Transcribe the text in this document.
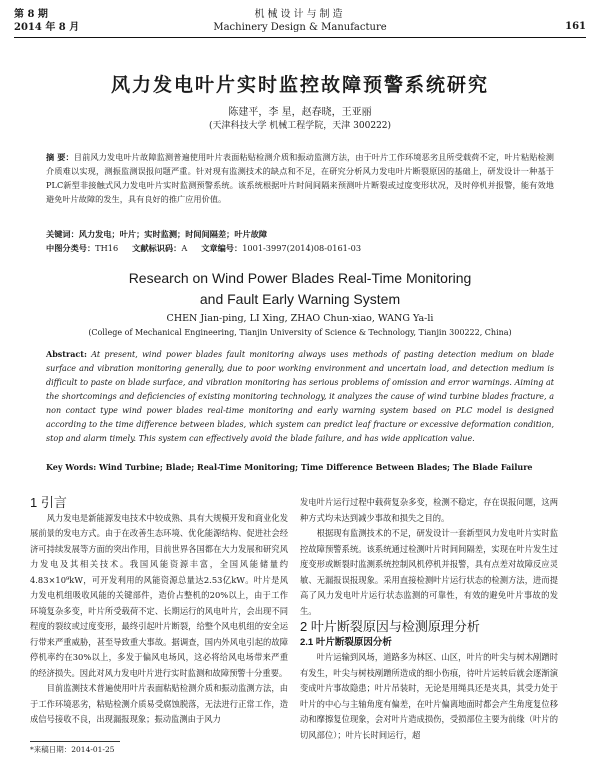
第 8 期
2014 年 8 月
机械设计与制造
Machinery Design & Manufacture	161
风力发电叶片实时监控故障预警系统研究
陈建平，李 星，赵春晓，王亚丽
(天津科技大学 机械工程学院，天津 300222)
摘 要：目前风力发电叶片故障监测普遍使用叶片表面粘贴检测介质和振动监测方法，由于叶片工作环境恶劣且所受载荷不定，叶片粘贴检测介质难以实现，测振监测误报问题严重。针对现有监测技术的缺点和不足，在研究分析风力发电叶片断裂原因的基础上，研发设计一种基于PLC新型非接触式风力发电叶片实时监测预警系统。该系统根据叶片时间间隔来预测叶片断裂或过度变形状况，及时停机并报警，能有效地避免叶片故障的发生，具有良好的推广应用价值。
关键词：风力发电；叶片；实时监测；时间间隔差；叶片故障
中图分类号：TH16 文献标识码：A 文章编号：1001-3997(2014)08-0161-03
Research on Wind Power Blades Real-Time Monitoring
and Fault Early Warning System
CHEN Jian-ping, LI Xing, ZHAO Chun-xiao, WANG Ya-li
(College of Mechanical Engineering, Tianjin University of Science & Technology, Tianjin 300222, China)
Abstract: At present, wind power blades fault monitoring always uses methods of pasting detection medium on blade surface and vibration monitoring generally, due to poor working environment and uncertain load, and detection medium is difficult to paste on blade surface, and vibration monitoring has serious problems of omission and error warnings. Aiming at the shortcomings and deficiencies of existing monitoring technology, it analyzes the cause of wind turbine blades fracture, a non contact type wind power blades real-time monitoring and early warning system based on PLC model is designed according to the time difference between blades, which system can predict leaf fracture or excessive deformation condition, stop and alarm timely. This system can effectively avoid the blade failure, and has wide application value.
Key Words: Wind Turbine; Blade; Real-Time Monitoring; Time Difference Between Blades; The Blade Failure

1 引言

风力发电是新能源发电技术中较成熟、具有大规模开发和商业化发展前景的发电方式。由于在改善生态环境、优化能源结构、促进社会经济可持续发展等方面的突出作用，目前世界各国都在大力发展和研究风力发电及其相关技术。我国风能资源丰富，全国风能储量约4.83×10⁹kW，可开发利用的风能资源总量达2.53亿kW。叶片是风力发电机组吸收风能的关键部件，造价占整机的20%以上，由于工作环境复杂多变，叶片所受载荷不定、长期运行的风电叶片，会出现不同程度的裂纹或过度变形，最终引起叶片断裂，给整个风电机组的安全运行带来严重威胁，甚至导致重大事故。据调查，国内外风电引起的故障停机率约在30%以上，多发于偏风电场风，这必将给风电场带来严重的经济损失。因此对风力发电叶片进行实时监测和故障预警十分重要。

目前监测技术普遍使用叶片表面粘贴检测介质和振动监测方法，由于工作环境恶劣，粘贴检测介质易受腐蚀脱落，无法进行正常工作，造成信号接收不良，出现漏报现象；振动监测由于风力

发电叶片运行过程中载荷复杂多变，检测不稳定，存在误报问题，这两种方式均未达到减少事故和损失之目的。

根据现有监测技术的不足，研发设计一套新型风力发电叶片实时监控故障预警系统。该系统通过检测叶片时间间隔差，实现在叶片发生过度变形或断裂时监测系统控制风机停机并报警，具有点差对故障反应灵敏、无漏报误报现象。采用直接检测叶片运行状态的检测方法，进而提高了风力发电叶片运行状态监测的可靠性，有效的避免叶片事故的发生。

2 叶片断裂原因与检测原理分析

2.1 叶片断裂原因分析

叶片运输到风场，道路多为林区、山区，叶片的叶尖与树木剐蹭时有发生，叶尖与树枝剐蹭所造成的细小伤痕，待叶片运转后就会逐渐演变成叶片事故隐患；叶片吊装时，无论是用绳具还是夹具，其受力处于叶片的中心与主轴角度有偏差，在叶片偏离地面时都会产生角度复位移动和摩擦复位现象，会对叶片造成损伤，受损部位主要为前缘（叶片的切风部位）；叶片长时间运行，超

*来稿日期：2014-01-25
